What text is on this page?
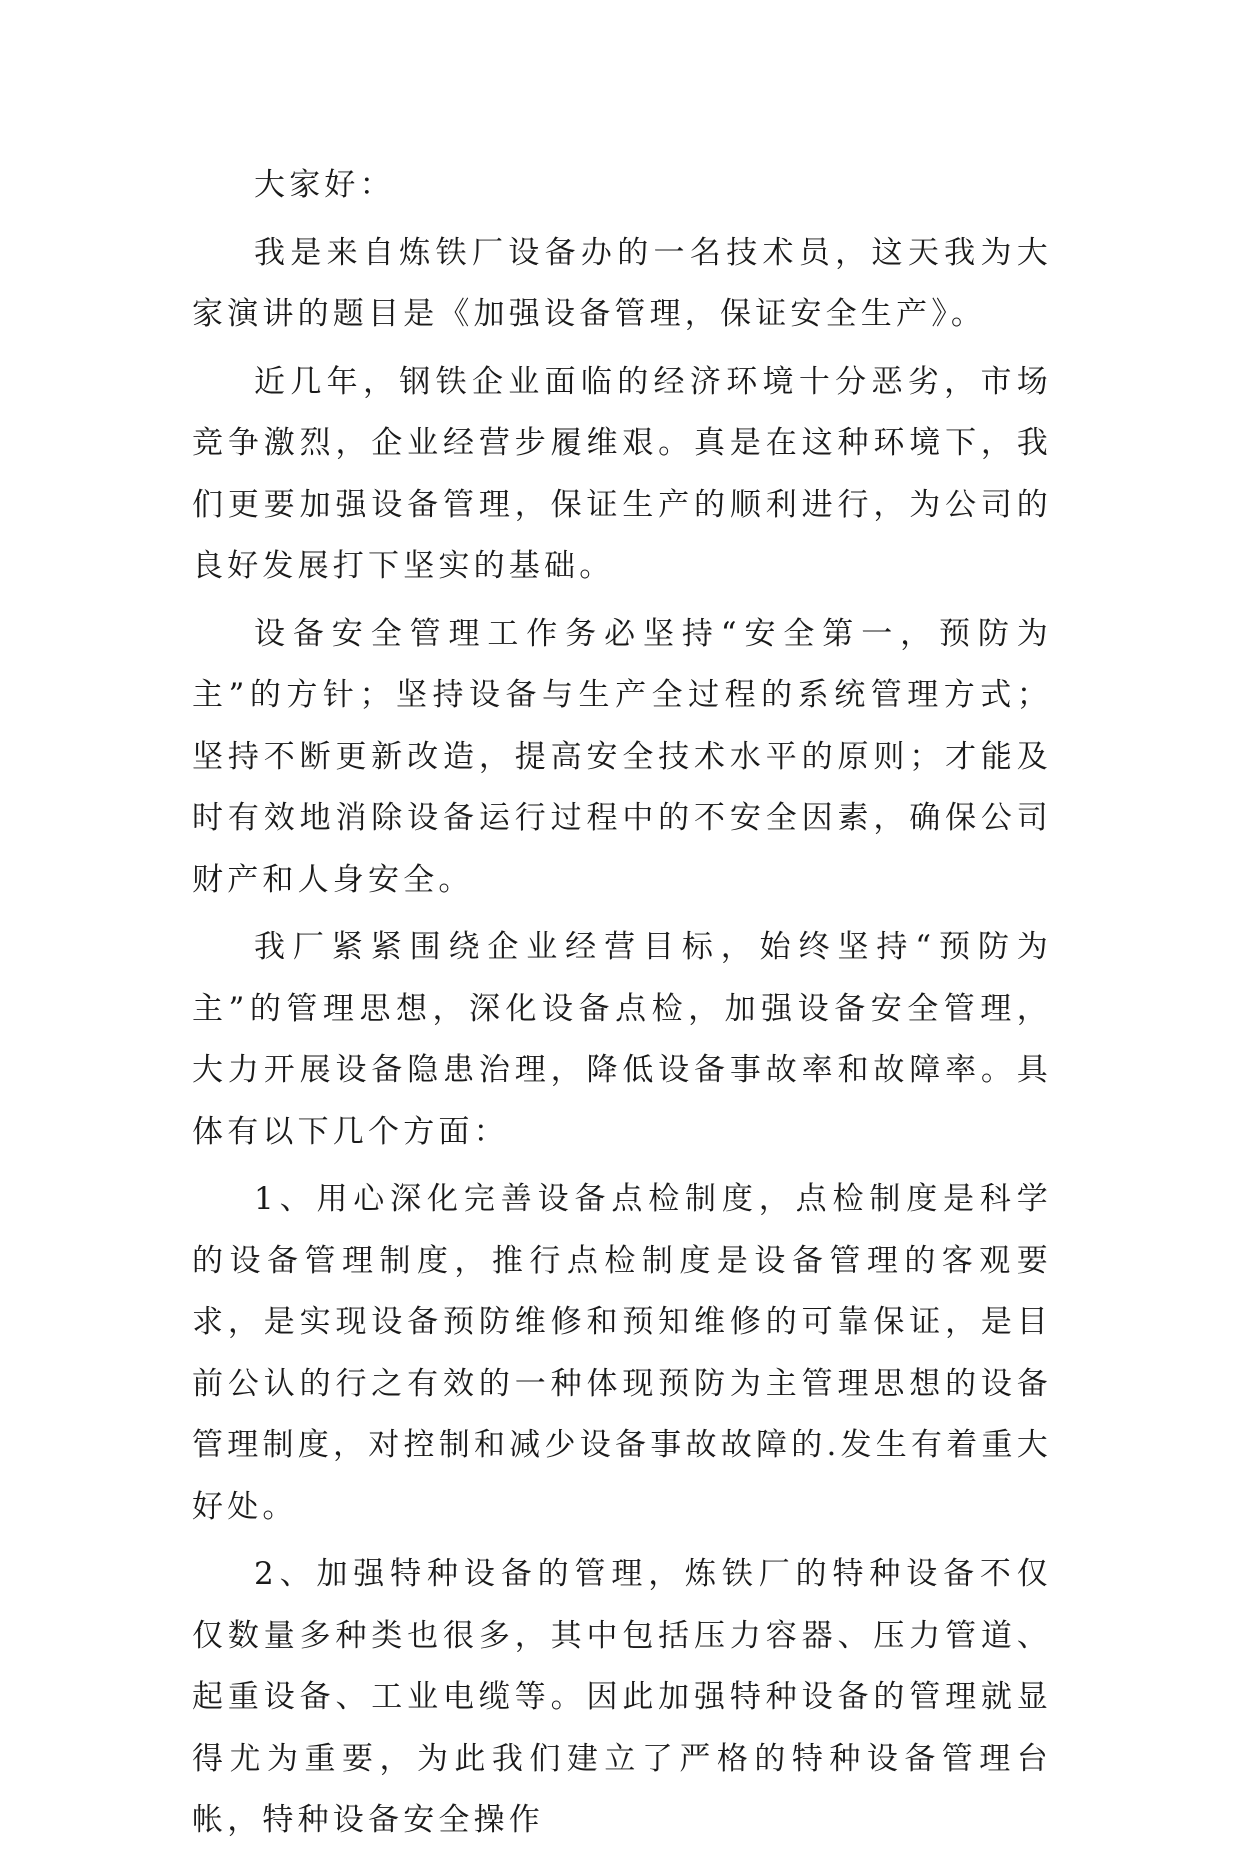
大家好：

我是来自炼铁厂设备办的一名技术员，这天我为大家演讲的题目是《加强设备管理，保证安全生产》。

近几年，钢铁企业面临的经济环境十分恶劣，市场竞争激烈，企业经营步履维艰。真是在这种环境下，我们更要加强设备管理，保证生产的顺利进行，为公司的良好发展打下坚实的基础。

设备安全管理工作务必坚持“安全第一，预防为主”的方针；坚持设备与生产全过程的系统管理方式；坚持不断更新改造，提高安全技术水平的原则；才能及时有效地消除设备运行过程中的不安全因素，确保公司财产和人身安全。

我厂紧紧围绕企业经营目标，始终坚持“预防为主”的管理思想，深化设备点检，加强设备安全管理，大力开展设备隐患治理，降低设备事故率和故障率。具体有以下几个方面：

1、用心深化完善设备点检制度，点检制度是科学的设备管理制度，推行点检制度是设备管理的客观要求，是实现设备预防维修和预知维修的可靠保证，是目前公认的行之有效的一种体现预防为主管理思想的设备管理制度，对控制和减少设备事故故障的.发生有着重大好处。

2、加强特种设备的管理，炼铁厂的特种设备不仅仅数量多种类也很多，其中包括压力容器、压力管道、起重设备、工业电缆等。因此加强特种设备的管理就显得尤为重要，为此我们建立了严格的特种设备管理台帐，特种设备安全操作
